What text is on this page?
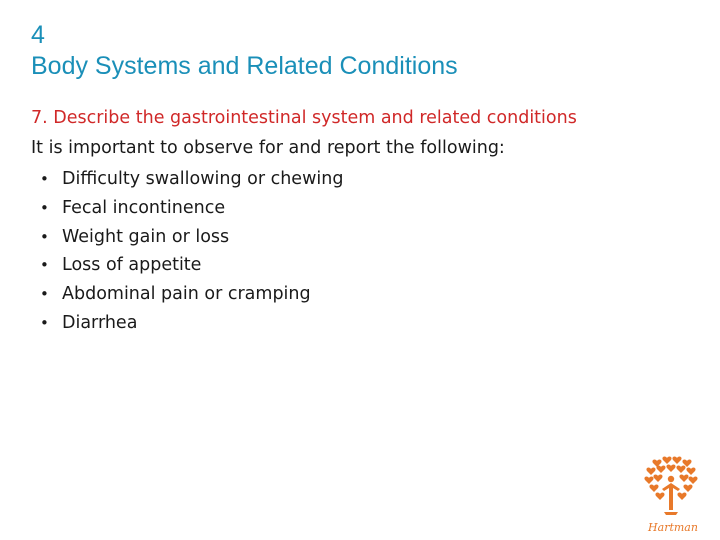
4
Body Systems and Related Conditions
7. Describe the gastrointestinal system and related conditions
It is important to observe for and report the following:
• Difficulty swallowing or chewing
• Fecal incontinence
• Weight gain or loss
• Loss of appetite
• Abdominal pain or cramping
• Diarrhea
Hartman
